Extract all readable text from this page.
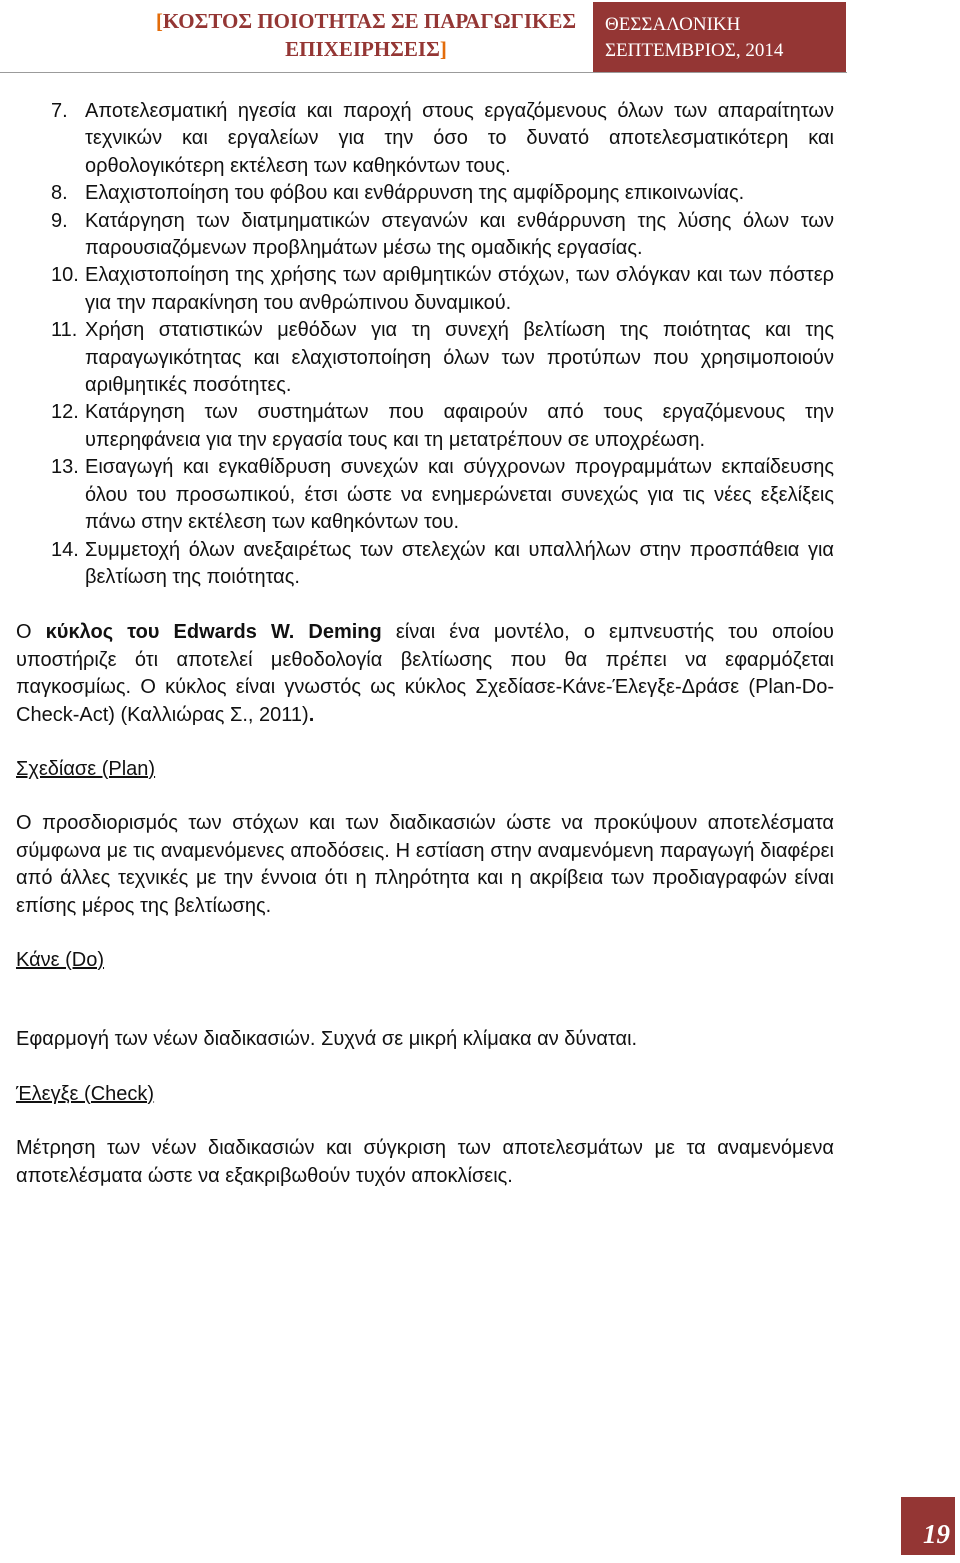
[ΚΟΣΤΟΣ ΠΟΙΟΤΗΤΑΣ ΣΕ ΠΑΡΑΓΩΓΙΚΕΣ ΕΠΙΧΕΙΡΗΣΕΙΣ]
ΘΕΣΣΑΛΟΝΙΚΗ
ΣΕΠΤΕΜΒΡΙΟΣ, 2014
7. Αποτελεσματική ηγεσία και παροχή στους εργαζόμενους όλων των απαραίτητων τεχνικών και εργαλείων για την όσο το δυνατό αποτελεσματικότερη και ορθολογικότερη εκτέλεση των καθηκόντων τους.
8. Ελαχιστοποίηση του φόβου και ενθάρρυνση της αμφίδρομης επικοινωνίας.
9. Κατάργηση των διατμηματικών στεγανών και ενθάρρυνση της λύσης όλων των παρουσιαζόμενων προβλημάτων μέσω της ομαδικής εργασίας.
10. Ελαχιστοποίηση της χρήσης των αριθμητικών στόχων, των σλόγκαν και των πόστερ για την παρακίνηση του ανθρώπινου δυναμικού.
11. Χρήση στατιστικών μεθόδων για τη συνεχή βελτίωση της ποιότητας και της παραγωγικότητας και ελαχιστοποίηση όλων των προτύπων που χρησιμοποιούν αριθμητικές ποσότητες.
12. Κατάργηση των συστημάτων που αφαιρούν από τους εργαζόμενους την υπερηφάνεια για την εργασία τους και τη μετατρέπουν σε υποχρέωση.
13. Εισαγωγή και εγκαθίδρυση συνεχών και σύγχρονων προγραμμάτων εκπαίδευσης όλου του προσωπικού, έτσι ώστε να ενημερώνεται συνεχώς για τις νέες εξελίξεις πάνω στην εκτέλεση των καθηκόντων του.
14. Συμμετοχή όλων ανεξαιρέτως των στελεχών και υπαλλήλων στην προσπάθεια για βελτίωση της ποιότητας.

Ο κύκλος του Edwards W. Deming είναι ένα μοντέλο, ο εμπνευστής του οποίου υποστήριζε ότι αποτελεί μεθοδολογία βελτίωσης που θα πρέπει να εφαρμόζεται παγκοσμίως. Ο κύκλος είναι γνωστός ως κύκλος Σχεδίασε-Κάνε-Έλεγξε-Δράσε (Plan-Do-Check-Act) (Καλλιώρας Σ., 2011).

Σχεδίασε (Plan)

Ο προσδιορισμός των στόχων και των διαδικασιών ώστε να προκύψουν αποτελέσματα σύμφωνα με τις αναμενόμενες αποδόσεις. Η εστίαση στην αναμενόμενη παραγωγή διαφέρει από άλλες τεχνικές με την έννοια ότι η πληρότητα και η ακρίβεια των προδιαγραφών είναι επίσης μέρος της βελτίωσης.

Κάνε (Do)

Εφαρμογή των νέων διαδικασιών. Συχνά σε μικρή κλίμακα αν δύναται.

Έλεγξε (Check)

Μέτρηση των νέων διαδικασιών και σύγκριση των αποτελεσμάτων με τα αναμενόμενα αποτελέσματα ώστε να εξακριβωθούν τυχόν αποκλίσεις.

19
